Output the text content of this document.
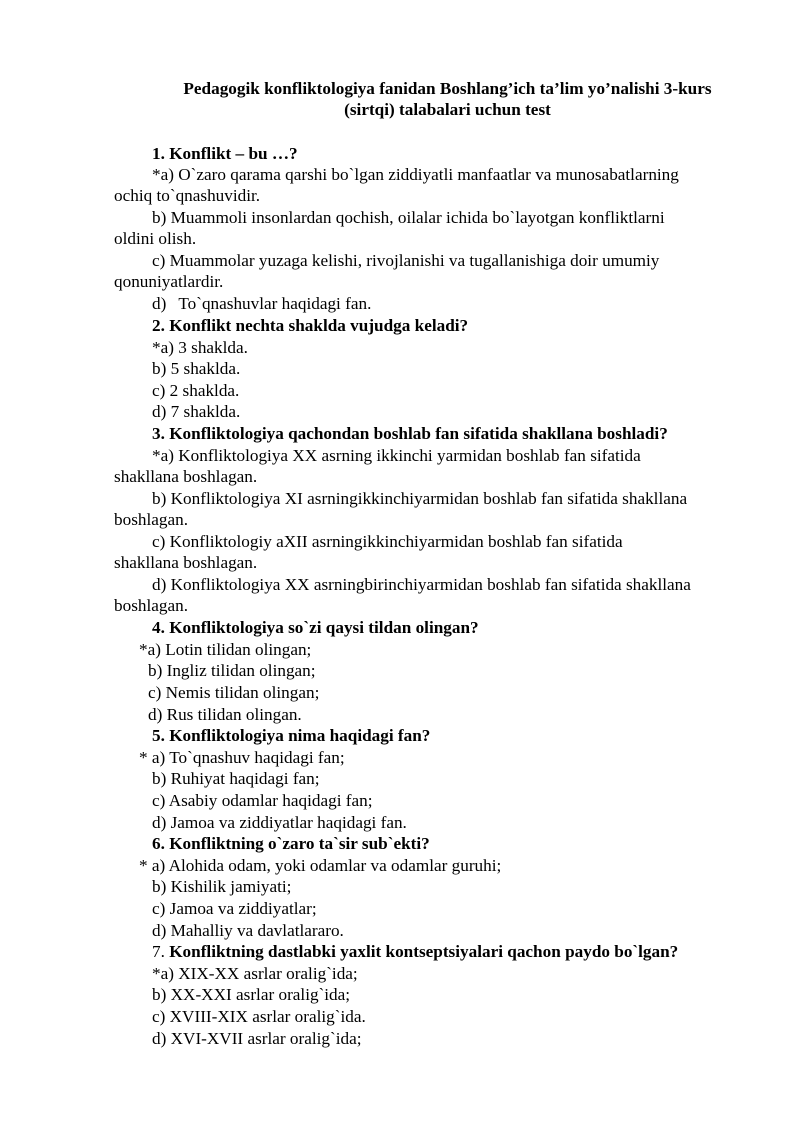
Pedagogik konfliktologiya fanidan Boshlang’ich ta’lim yo’nalishi 3-kurs
(sirtqi) talabalari uchun test
1. Konflikt – bu …?
*a) O`zaro qarama qarshi bo`lgan ziddiyatli manfaatlar va munosabatlarning
ochiq to`qnashuvidir.
b) Muammoli insonlardan qochish, oilalar ichida bo`layotgan konfliktlarni
oldini olish.
c) Muammolar yuzaga kelishi, rivojlanishi va tugallanishiga doir umumiy
qonuniyatlardir.
d) To`qnashuvlar haqidagi fan.
2. Konflikt nechta shaklda vujudga keladi?
*a) 3 shaklda.
b) 5 shaklda.
c) 2 shaklda.
d) 7 shaklda.
3. Konfliktologiya qachondan boshlab fan sifatida shakllana boshladi?
*a) Konfliktologiya XX asrning ikkinchi yarmidan boshlab fan sifatida
shakllana boshlagan.
b) Konfliktologiya XI asrningikkinchiyarmidan boshlab fan sifatida shakllana
boshlagan.
c) Konfliktologiy aXII asrningikkinchiyarmidan boshlab fan sifatida
shakllana boshlagan.
d) Konfliktologiya XX asrningbirinchiyarmidan boshlab fan sifatida shakllana
boshlagan.
4. Konfliktologiya so`zi qaysi tildan olingan?
*a) Lotin tilidan olingan;
b) Ingliz tilidan olingan;
c) Nemis tilidan olingan;
d) Rus tilidan olingan.
5. Konfliktologiya nima haqidagi fan?
* a) To`qnashuv haqidagi fan;
b) Ruhiyat haqidagi fan;
c) Asabiy odamlar haqidagi fan;
d) Jamoa va ziddiyatlar haqidagi fan.
6. Konfliktning o`zaro ta`sir sub`ekti?
* a) Alohida odam, yoki odamlar va odamlar guruhi;
b) Kishilik jamiyati;
c) Jamoa va ziddiyatlar;
d) Mahalliy va davlatlararo.
7. Konfliktning dastlabki yaxlit kontseptsiyalari qachon paydo bo`lgan?
*a) XIX-XX asrlar oralig`ida;
b) XX-XXI asrlar oralig`ida;
c) XVIII-XIX asrlar oralig`ida.
d) XVI-XVII asrlar oralig`ida;
